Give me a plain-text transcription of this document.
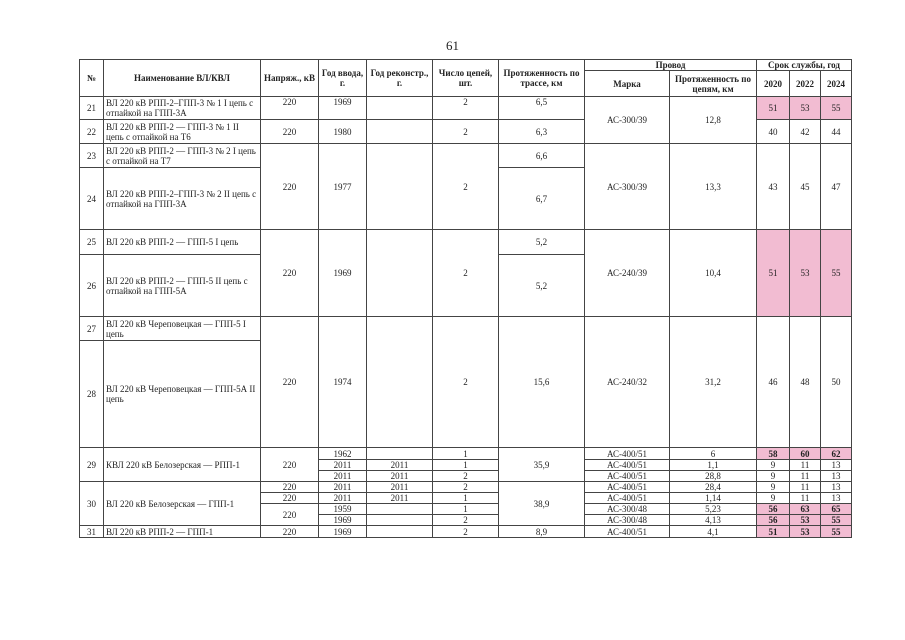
61
№	Наименование ВЛ/КВЛ	Напряж., кВ	Год ввода, г.	Год реконстр., г.	Число цепей, шт.	Протяженность по трассе, км	Провод		Срок службы, год		
							Марка	Протяженность по цепям, км	2020	2022	2024
21	ВЛ 220 кВ РПП-2–ГПП-3 № 1 I цепь с отпайкой на ГПП-3А	220	1969		2	6,5	АС-300/39	12,8	51	53	55
22	ВЛ 220 кВ РПП-2 — ГПП-3 № 1 II цепь с отпайкой на Т6	220	1980		2	6,3			40	42	44
23	ВЛ 220 кВ РПП-2 — ГПП-3 № 2 I цепь с отпайкой на Т7	220	1977		2	6,6	АС-300/39	13,3	43	45	47
24	ВЛ 220 кВ РПП-2–ГПП-3 № 2 II цепь с отпайкой на ГПП-3А					6,7					
25	ВЛ 220 кВ РПП-2 — ГПП-5 I цепь	220	1969		2	5,2	АС-240/39	10,4	51	53	55
26	ВЛ 220 кВ РПП-2 — ГПП-5 II цепь с отпайкой на ГПП-5А					5,2					
27	ВЛ 220 кВ Череповецкая — ГПП-5 I цепь	220	1974		2	15,6	АС-240/32	31,2	46	48	50
28	ВЛ 220 кВ Череповецкая — ГПП-5А II цепь										
29	КВЛ 220 кВ Белозерская — РПП-1	220	1962		1	35,9	АС-400/51	6	58	60	62
			2011	2011	1		АС-400/51	1,1	9	11	13
			2011	2011	2		АС-400/51	28,8	9	11	13
30	ВЛ 220 кВ Белозерская — ГПП-1	220	2011	2011	2	38,9	АС-400/51	28,4	9	11	13
		220	2011	2011	1		АС-400/51	1,14	9	11	13
		220	1959		1		АС-300/48	5,23	56	63	65
			1969		2		АС-300/48	4,13	56	53	55
31	ВЛ 220 кВ РПП-2 — ГПП-1	220	1969		2	8,9	АС-400/51	4,1	51	53	55
